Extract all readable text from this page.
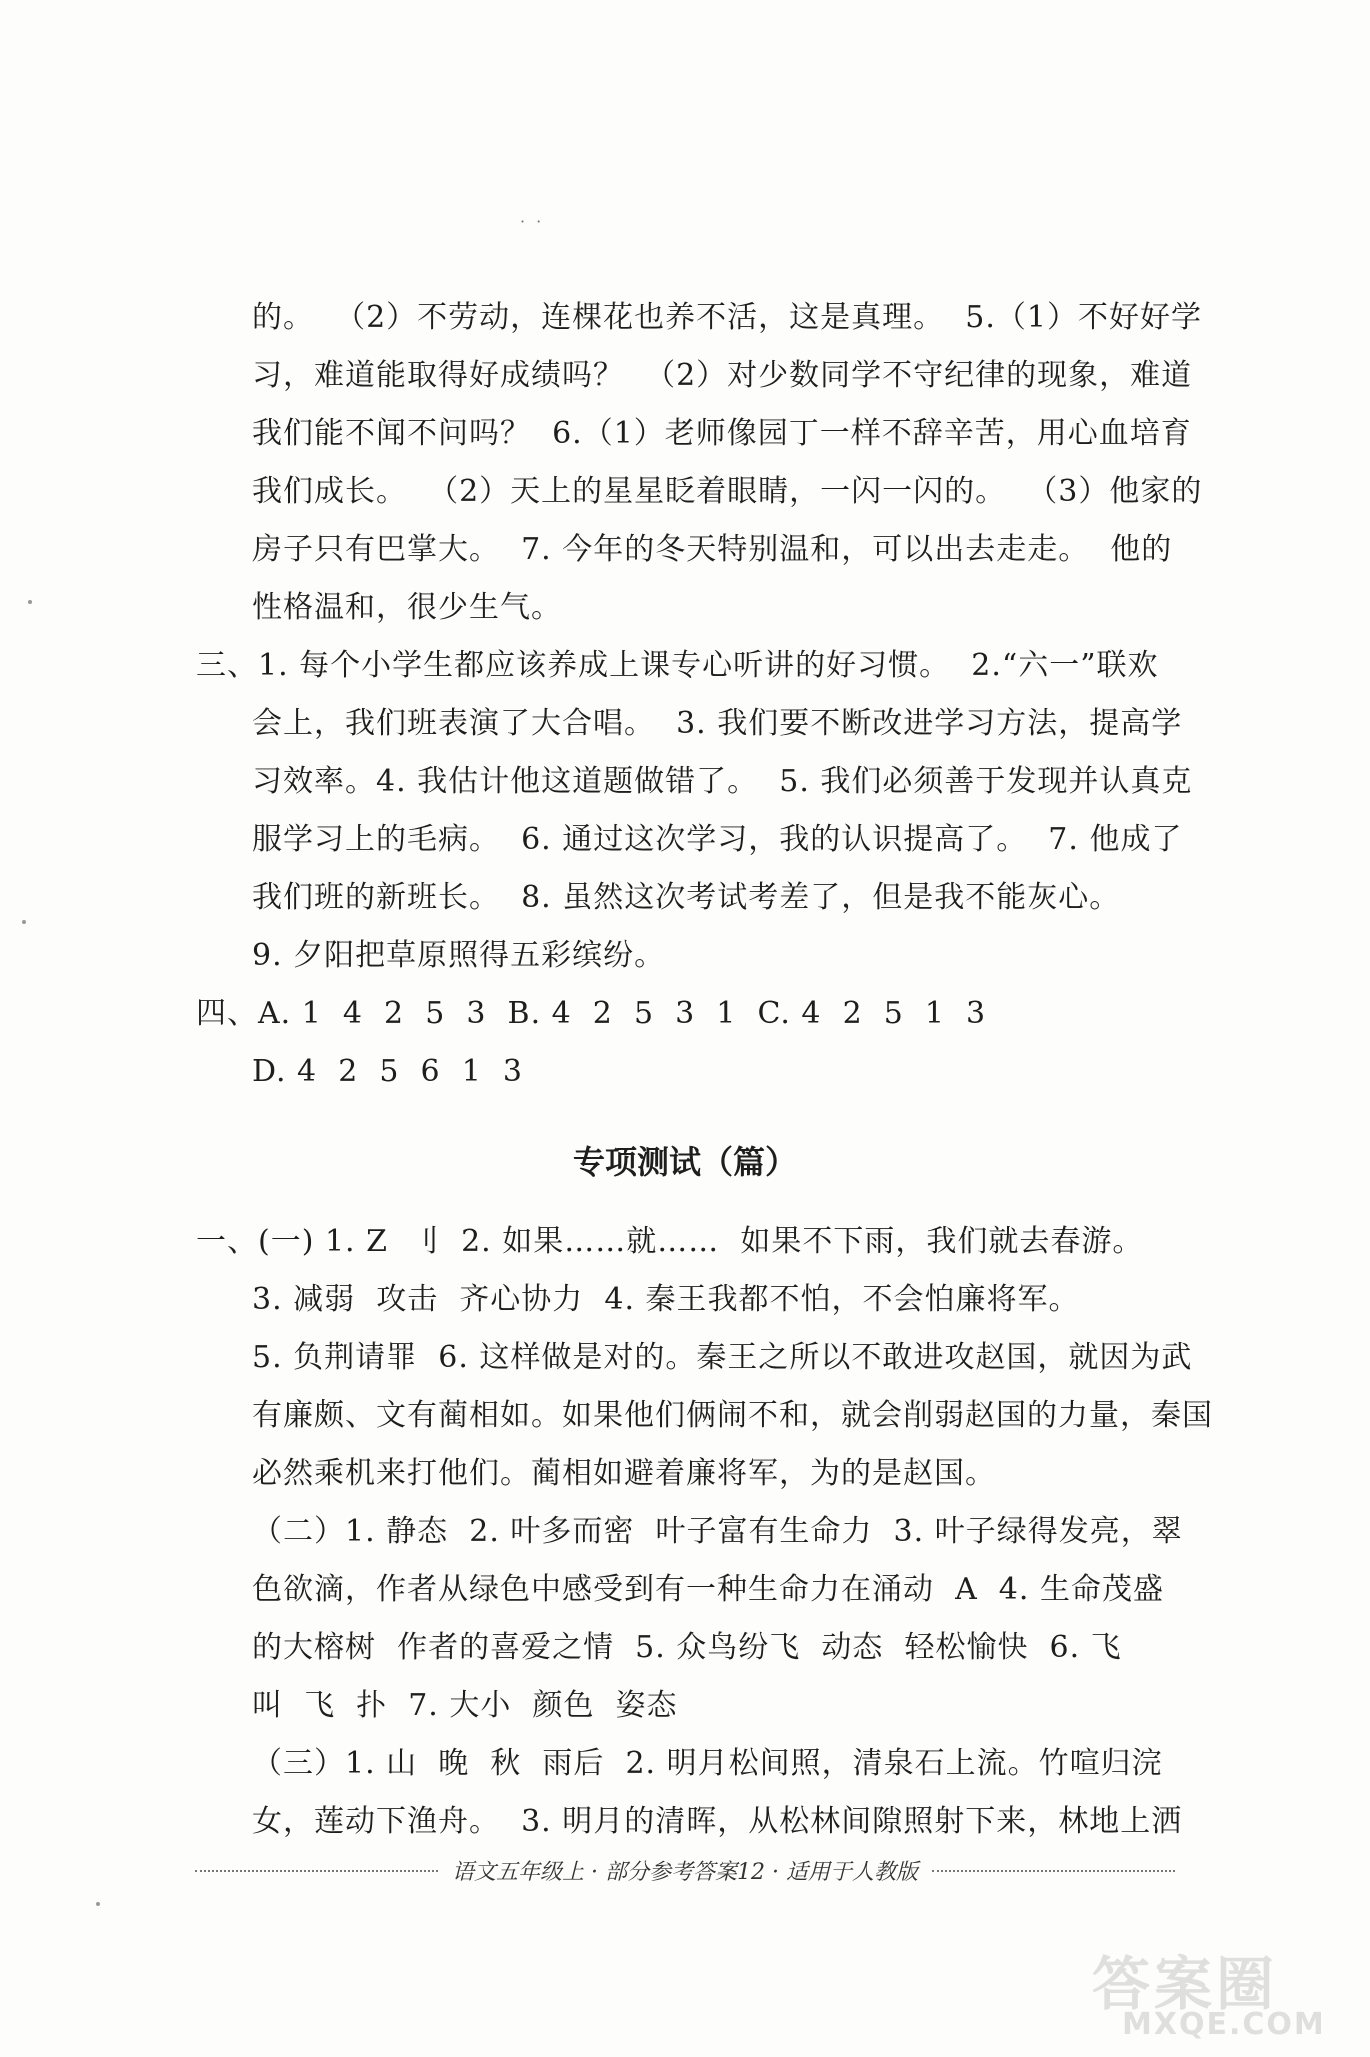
· ·
的。  （2）不劳动，连棵花也养不活，这是真理。  5.（1）不好好学
习，难道能取得好成绩吗？  （2）对少数同学不守纪律的现象，难道
我们能不闻不问吗？  6.（1）老师像园丁一样不辞辛苦，用心血培育
我们成长。  （2）天上的星星眨着眼睛，一闪一闪的。  （3）他家的
房子只有巴掌大。  7. 今年的冬天特别温和，可以出去走走。  他的
性格温和，很少生气。
三、1. 每个小学生都应该养成上课专心听讲的好习惯。  2.“六一”联欢
会上，我们班表演了大合唱。  3. 我们要不断改进学习方法，提高学
习效率。4. 我估计他这道题做错了。  5. 我们必须善于发现并认真克
服学习上的毛病。  6. 通过这次学习，我的认识提高了。  7. 他成了
我们班的新班长。  8. 虽然这次考试考差了，但是我不能灰心。
9. 夕阳把草原照得五彩缤纷。
四、A. 1  4  2  5  3  B. 4  2  5  3  1  C. 4  2  5  1  3
D. 4  2  5  6  1  3
专项测试（篇）
一、(一) 1. Z  刂  2. 如果……就……  如果不下雨，我们就去春游。
3. 减弱  攻击  齐心协力  4. 秦王我都不怕，不会怕廉将军。
5. 负荆请罪  6. 这样做是对的。秦王之所以不敢进攻赵国，就因为武
有廉颇、文有蔺相如。如果他们俩闹不和，就会削弱赵国的力量，秦国
必然乘机来打他们。蔺相如避着廉将军，为的是赵国。
（二）1. 静态  2. 叶多而密  叶子富有生命力  3. 叶子绿得发亮，翠
色欲滴，作者从绿色中感受到有一种生命力在涌动  A  4. 生命茂盛
的大榕树  作者的喜爱之情  5. 众鸟纷飞  动态  轻松愉快  6. 飞
叫  飞  扑  7. 大小  颜色  姿态
（三）1. 山  晚  秋  雨后  2. 明月松间照，清泉石上流。竹喧归浣
女，莲动下渔舟。  3. 明月的清晖，从松林间隙照射下来，林地上洒
语文五年级上 · 部分参考答案12 · 适用于人教版
答案圈
MXQE.COM
